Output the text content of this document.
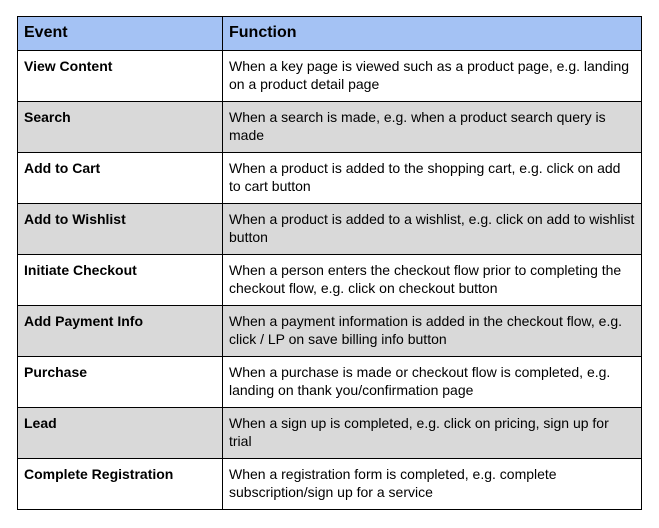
Event	Function
View Content	When a key page is viewed such as a product page, e.g. landing on a product detail page
Search	When a search is made, e.g. when a product search query is made
Add to Cart	When a product is added to the shopping cart, e.g. click on add to cart button
Add to Wishlist	When a product is added to a wishlist, e.g. click on add to wishlist button
Initiate Checkout	When a person enters the checkout flow prior to completing the checkout flow, e.g. click on checkout button
Add Payment Info	When a payment information is added in the checkout flow, e.g. click / LP on save billing info button
Purchase	When a purchase is made or checkout flow is completed, e.g. landing on thank you/confirmation page
Lead	When a sign up is completed, e.g. click on pricing, sign up for trial
Complete Registration	When a registration form is completed, e.g. complete subscription/sign up for a service
